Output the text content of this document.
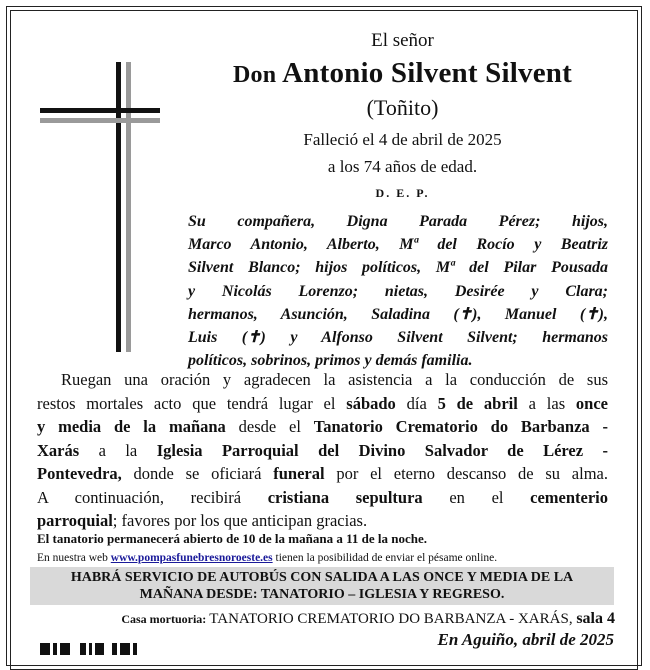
El señor
Don Antonio Silvent Silvent
(Toñito)
Falleció el 4 de abril de 2025
a los 74 años de edad.
D. E. P.
Su compañera, Digna Parada Pérez; hijos,
Marco Antonio, Alberto, Mª del Rocío y Beatriz
Silvent Blanco; hijos políticos, Mª del Pilar Pousada
y Nicolás Lorenzo; nietas, Desirée y Clara;
hermanos, Asunción, Saladina (✝), Manuel (✝),
Luis (✝) y Alfonso Silvent Silvent; hermanos
políticos, sobrinos, primos y demás familia.
Ruegan una oración y agradecen la asistencia a la conducción de sus
restos mortales acto que tendrá lugar el sábado día 5 de abril a las once
y media de la mañana desde el Tanatorio Crematorio do Barbanza -
Xarás a la Iglesia Parroquial del Divino Salvador de Lérez -
Pontevedra, donde se oficiará funeral por el eterno descanso de su alma.
A continuación, recibirá cristiana sepultura en el cementerio
parroquial; favores por los que anticipan gracias.
El tanatorio permanecerá abierto de 10 de la mañana a 11 de la noche.
En nuestra web www.pompasfunebresnoroeste.es tienen la posibilidad de enviar el pésame online.
HABRÁ SERVICIO DE AUTOBÚS CON SALIDA A LAS ONCE Y MEDIA DE LA
MAÑANA DESDE: TANATORIO – IGLESIA Y REGRESO.
Casa mortuoria: TANATORIO CREMATORIO DO BARBANZA - XARÁS, sala 4
En Aguiño, abril de 2025
